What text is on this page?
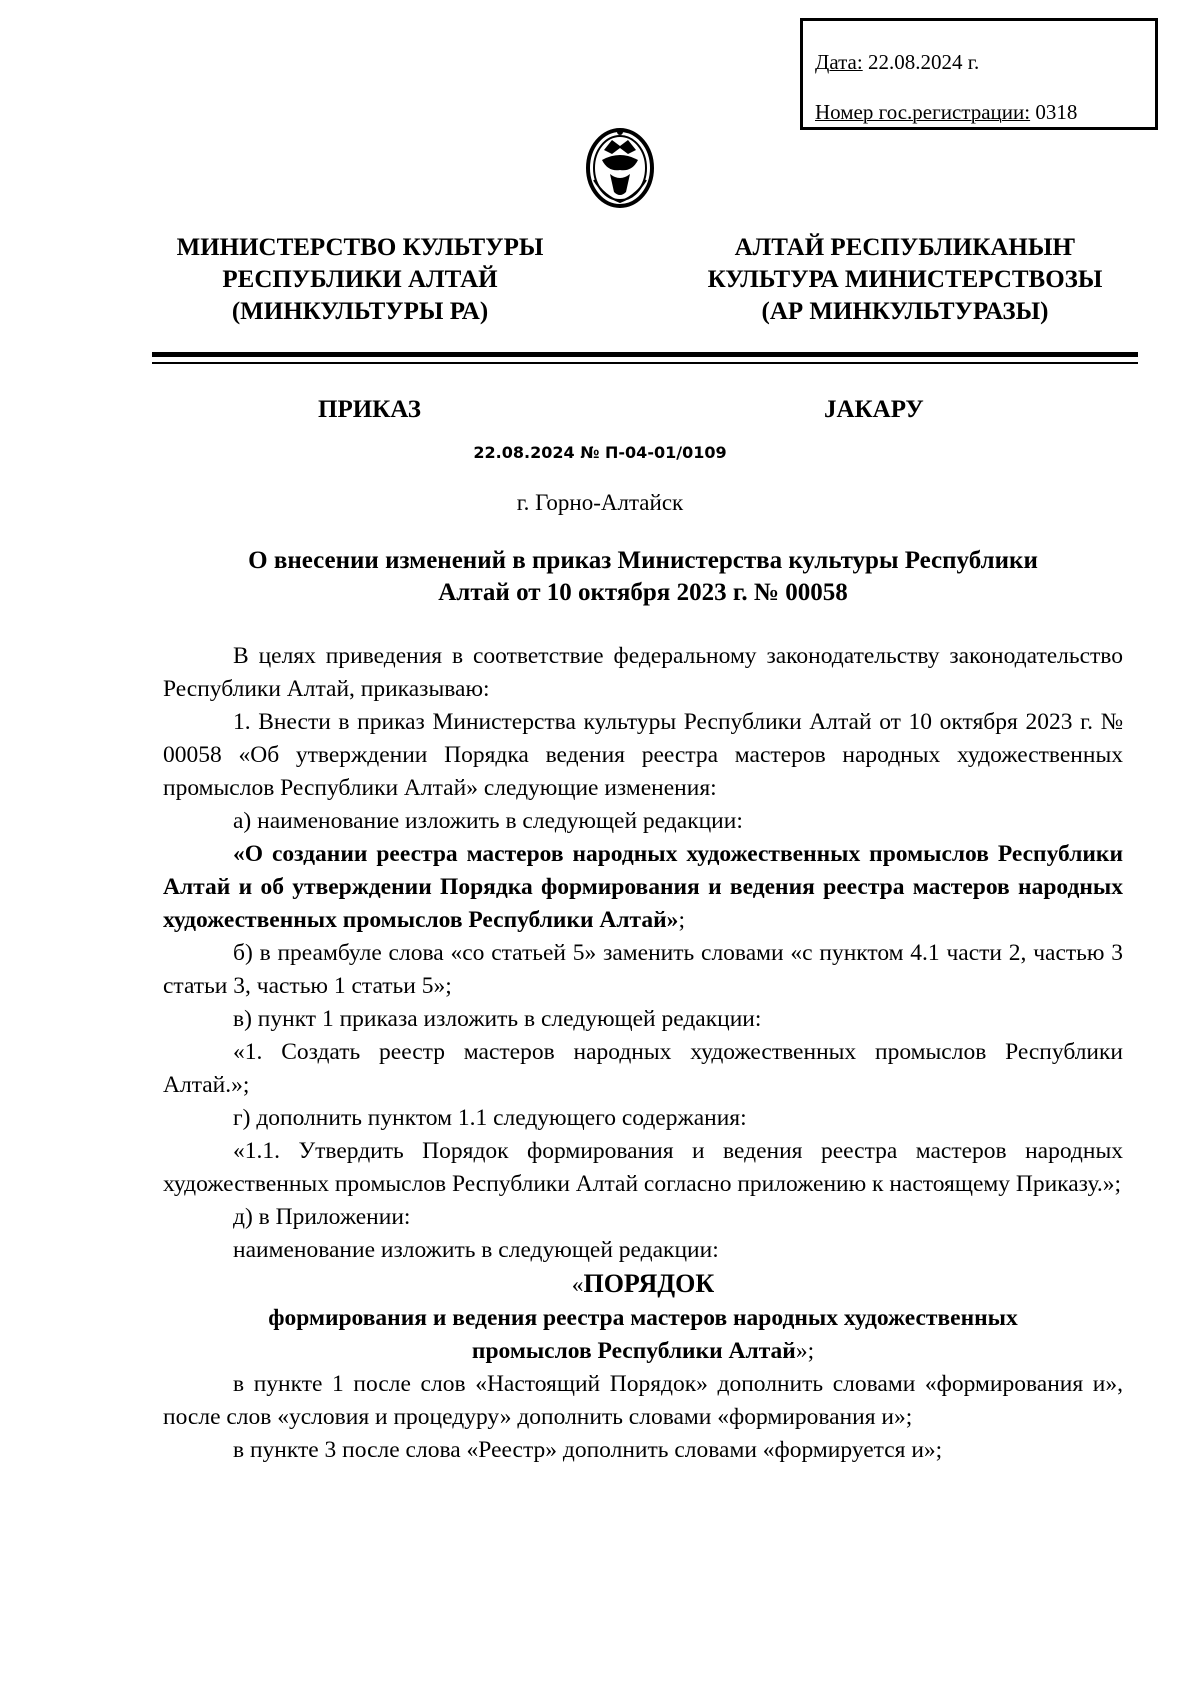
Дата: 22.08.2024 г.
Номер гос.регистрации: 0318
МИНИСТЕРСТВО КУЛЬТУРЫ
РЕСПУБЛИКИ АЛТАЙ
(МИНКУЛЬТУРЫ РА)
АЛТАЙ РЕСПУБЛИКАНЫҤ
КУЛЬТУРА МИНИСТЕРСТВОЗЫ
(АР МИНКУЛЬТУРАЗЫ)
ПРИКАЗ	JАКАРУ
22.08.2024 № П-04-01/0109
г. Горно-Алтайск
О внесении изменений в приказ Министерства культуры Республики
Алтай от 10 октября 2023 г. № 00058
В целях приведения в соответствие федеральному законодательству законодательство Республики Алтай, приказываю:
1. Внести в приказ Министерства культуры Республики Алтай от 10 октября 2023 г. № 00058 «Об утверждении Порядка ведения реестра мастеров народных художественных промыслов Республики Алтай» следующие изменения:
а) наименование изложить в следующей редакции:
«О создании реестра мастеров народных художественных промыслов Республики Алтай и об утверждении Порядка формирования и ведения реестра мастеров народных художественных промыслов Республики Алтай»;
б) в преамбуле слова «со статьей 5» заменить словами «с пунктом 4.1 части 2, частью 3 статьи 3, частью 1 статьи 5»;
в) пункт 1 приказа изложить в следующей редакции:
«1. Создать реестр мастеров народных художественных промыслов Республики Алтай.»;
г) дополнить пунктом 1.1 следующего содержания:
«1.1. Утвердить Порядок формирования и ведения реестра мастеров народных художественных промыслов Республики Алтай согласно приложению к настоящему Приказу.»;
д) в Приложении:
наименование изложить в следующей редакции:
«ПОРЯДОК
формирования и ведения реестра мастеров народных художественных
промыслов Республики Алтай»;
в пункте 1 после слов «Настоящий Порядок» дополнить словами «формирования и», после слов «условия и процедуру» дополнить словами «формирования и»;
в пункте 3 после слова «Реестр» дополнить словами «формируется и»;
